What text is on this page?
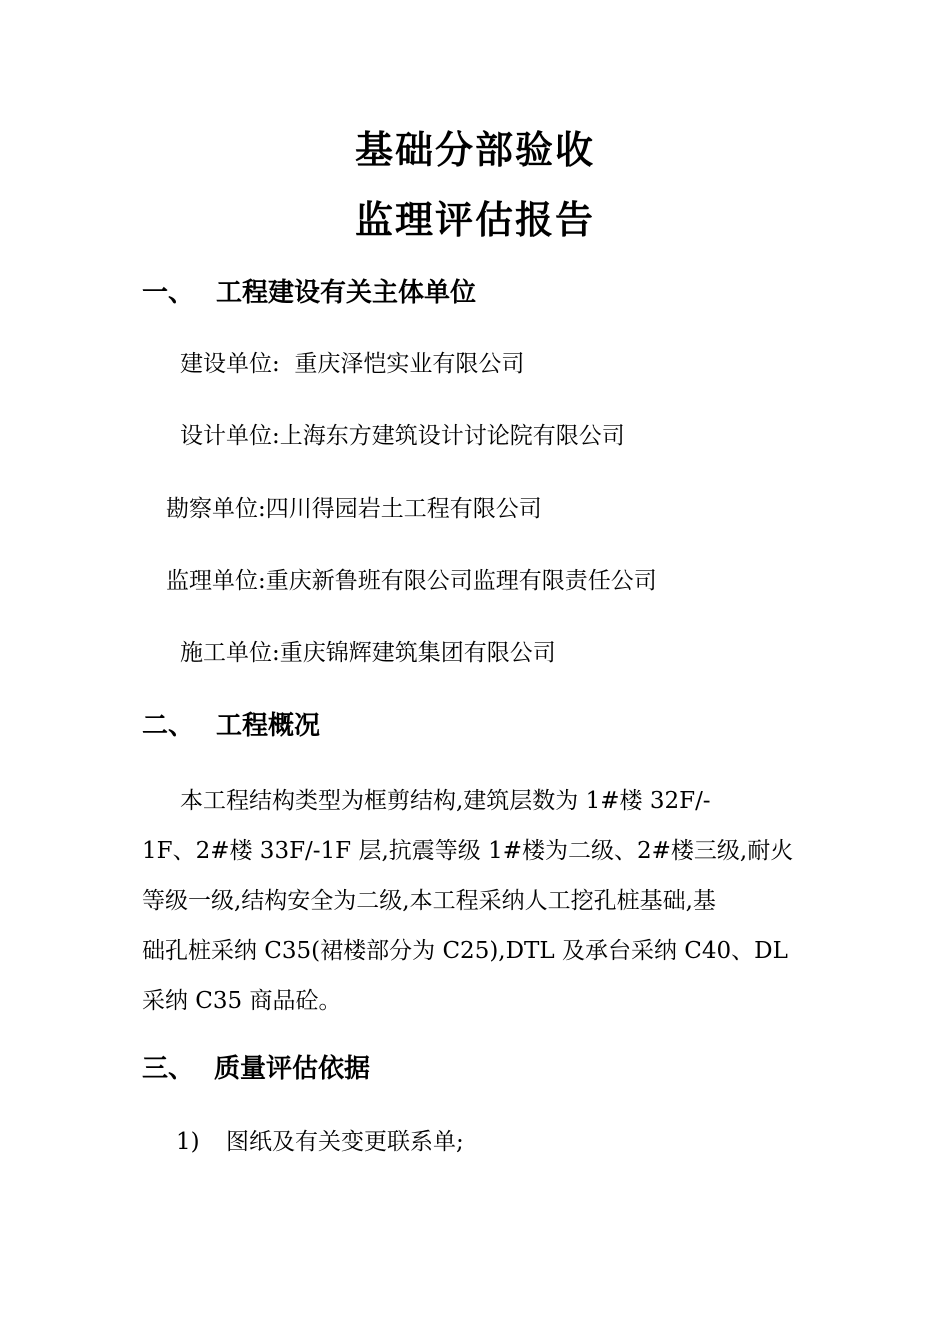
基础分部验收
监理评估报告
一、 工程建设有关主体单位
建设单位: 重庆泽恺实业有限公司
设计单位:上海东方建筑设计讨论院有限公司
勘察单位:四川得园岩土工程有限公司
监理单位:重庆新鲁班有限公司监理有限责任公司
施工单位:重庆锦辉建筑集团有限公司
二、 工程概况
本工程结构类型为框剪结构,建筑层数为 1#楼 32F/-
1F、2#楼 33F/-1F 层,抗震等级 1#楼为二级、2#楼三级,耐火
等级一级,结构安全为二级,本工程采纳人工挖孔桩基础,基
础孔桩采纳 C35(裙楼部分为 C25),DTL 及承台采纳 C40、DL
采纳 C35 商品砼。
三、 质量评估依据
1) 图纸及有关变更联系单;
